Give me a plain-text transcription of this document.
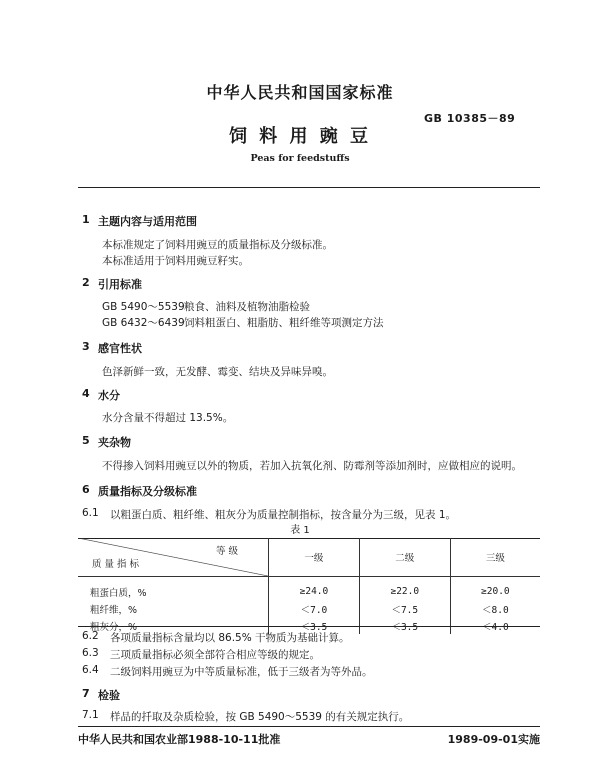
中华人民共和国国家标准
GB 10385－89
饲 料 用 豌 豆
Peas for feedstuffs
1 主题内容与适用范围
本标准规定了饲料用豌豆的质量指标及分级标准。
本标准适用于饲料用豌豆籽实。
2 引用标准
GB 5490～5539 粮食、油料及植物油脂检验
GB 6432～6439 饲料粗蛋白、粗脂肪、粗纤维等项测定方法
3 感官性状
色泽新鲜一致，无发酵、霉变、结块及异味异嗅。
4 水分
水分含量不得超过 13.5%。
5 夹杂物
不得掺入饲料用豌豆以外的物质，若加入抗氧化剂、防霉剂等添加剂时，应做相应的说明。
6 质量指标及分级标准
6.1 以粗蛋白质、粗纤维、粗灰分为质量控制指标，按含量分为三级，见表 1。
表 1
等 级
质 量 指 标	一级	二级	三级
粗蛋白质，%	≥24.0	≥22.0	≥20.0
粗纤维，%	＜7.0	＜7.5	＜8.0
粗灰分，%	＜3.5	＜3.5	＜4.0
6.2 各项质量指标含量均以 86.5% 干物质为基础计算。
6.3 三项质量指标必须全部符合相应等级的规定。
6.4 二级饲料用豌豆为中等质量标准，低于三级者为等外品。
7 检验
7.1 样品的扦取及杂质检验，按 GB 5490～5539 的有关规定执行。
中华人民共和国农业部1988-10-11批准	1989-09-01实施
